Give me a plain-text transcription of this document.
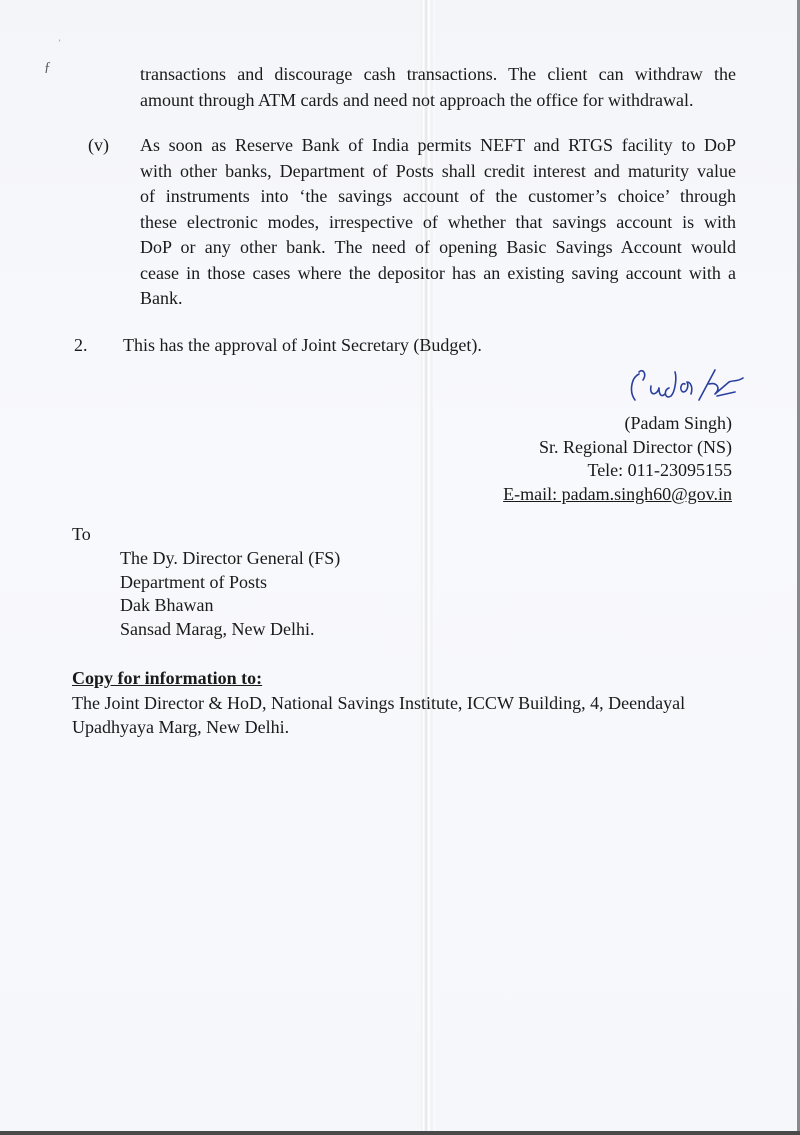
ʼ
ƒ	transactions and discourage cash transactions. The client can withdraw the
amount through ATM cards and need not approach the office for withdrawal.
(v) As soon as Reserve Bank of India permits NEFT and RTGS facility to DoP
with other banks, Department of Posts shall credit interest and maturity value
of instruments into ‘the savings account of the customer’s choice’ through
these electronic modes, irrespective of whether that savings account is with
DoP or any other bank. The need of opening Basic Savings Account would
cease in those cases where the depositor has an existing saving account with a
Bank.
2. This has the approval of Joint Secretary (Budget).
(Padam Singh)
Sr. Regional Director (NS)
Tele: 011-23095155
E-mail: padam.singh60@gov.in
To
The Dy. Director General (FS)
Department of Posts
Dak Bhawan
Sansad Marag, New Delhi.
Copy for information to:
The Joint Director & HoD, National Savings Institute, ICCW Building, 4, Deendayal
Upadhyaya Marg, New Delhi.
